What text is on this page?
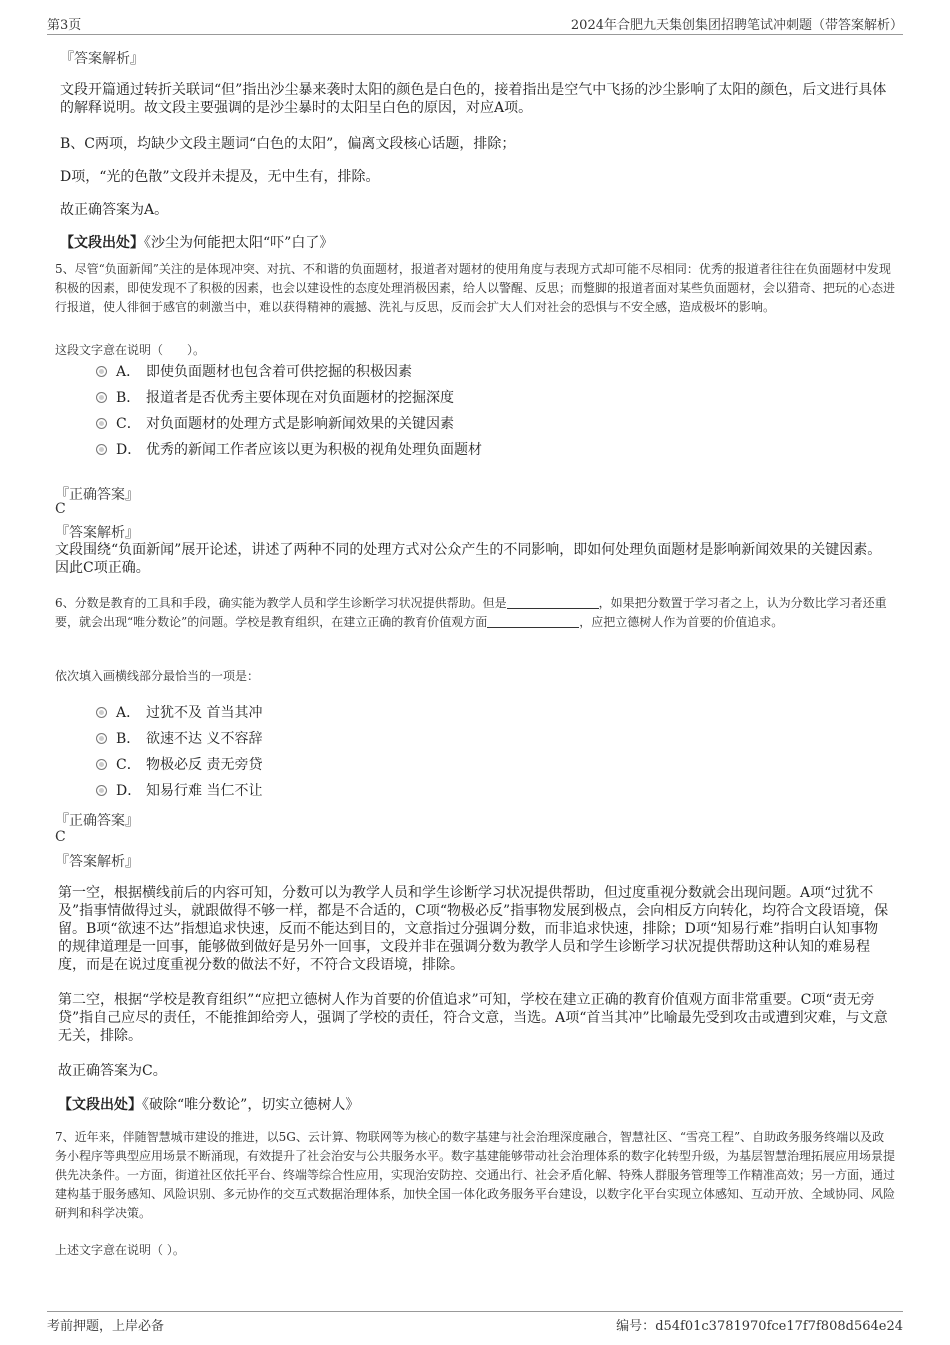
第3页	2024年合肥九天集创集团招聘笔试冲刺题（带答案解析）
『答案解析』

文段开篇通过转折关联词“但”指出沙尘暴来袭时太阳的颜色是白色的，接着指出是空气中飞扬的沙尘影响了太阳的颜色，后文进行具体的解释说明。故文段主要强调的是沙尘暴时的太阳呈白色的原因，对应A项。

B、C两项，均缺少文段主题词“白色的太阳”，偏离文段核心话题，排除；

D项，“光的色散”文段并未提及，无中生有，排除。

故正确答案为A。

【文段出处】《沙尘为何能把太阳“吓”白了》

5、尽管“负面新闻”关注的是体现冲突、对抗、不和谐的负面题材，报道者对题材的使用角度与表现方式却可能不尽相同：优秀的报道者往往在负面题材中发现积极的因素，即使发现不了积极的因素，也会以建设性的态度处理消极因素，给人以警醒、反思；而蹩脚的报道者面对某些负面题材，会以猎奇、把玩的心态进行报道，使人徘徊于感官的刺激当中，难以获得精神的震撼、洗礼与反思，反而会扩大人们对社会的恐惧与不安全感，造成极坏的影响。

这段文字意在说明（　　）。

A． 即使负面题材也包含着可供挖掘的积极因素
B． 报道者是否优秀主要体现在对负面题材的挖掘深度
C． 对负面题材的处理方式是影响新闻效果的关键因素
D． 优秀的新闻工作者应该以更为积极的视角处理负面题材
『正确答案』
C
『答案解析』

文段围绕“负面新闻”展开论述，讲述了两种不同的处理方式对公众产生的不同影响，即如何处理负面题材是影响新闻效果的关键因素。因此C项正确。

6、分数是教育的工具和手段，确实能为教学人员和学生诊断学习状况提供帮助。但是	，如果把分数置于学习者之上，认为分数比学习者还重要，就会出现“唯分数论”的问题。学校是教育组织，在建立正确的教育价值观方面	，应把立德树人作为首要的价值追求。

依次填入画横线部分最恰当的一项是：

A． 过犹不及 首当其冲
B． 欲速不达 义不容辞
C． 物极必反 责无旁贷
D． 知易行难 当仁不让
『正确答案』
C
『答案解析』

第一空，根据横线前后的内容可知，分数可以为教学人员和学生诊断学习状况提供帮助，但过度重视分数就会出现问题。A项“过犹不及”指事情做得过头，就跟做得不够一样，都是不合适的，C项“物极必反”指事物发展到极点，会向相反方向转化，均符合文段语境，保留。B项“欲速不达”指想追求快速，反而不能达到目的，文意指过分强调分数，而非追求快速，排除；D项“知易行难”指明白认知事物的规律道理是一回事，能够做到做好是另外一回事，文段并非在强调分数为教学人员和学生诊断学习状况提供帮助这种认知的难易程度，而是在说过度重视分数的做法不好，不符合文段语境，排除。

第二空，根据“学校是教育组织”“应把立德树人作为首要的价值追求”可知，学校在建立正确的教育价值观方面非常重要。C项“责无旁贷”指自己应尽的责任，不能推卸给旁人，强调了学校的责任，符合文意，当选。A项“首当其冲”比喻最先受到攻击或遭到灾难，与文意无关，排除。

故正确答案为C。

【文段出处】《破除“唯分数论”，切实立德树人》

7、近年来，伴随智慧城市建设的推进，以5G、云计算、物联网等为核心的数字基建与社会治理深度融合，智慧社区、“雪亮工程”、自助政务服务终端以及政务小程序等典型应用场景不断涌现，有效提升了社会治安与公共服务水平。数字基建能够带动社会治理体系的数字化转型升级，为基层智慧治理拓展应用场景提供先决条件。一方面，街道社区依托平台、终端等综合性应用，实现治安防控、交通出行、社会矛盾化解、特殊人群服务管理等工作精准高效；另一方面，通过建构基于服务感知、风险识别、多元协作的交互式数据治理体系，加快全国一体化政务服务平台建设，以数字化平台实现立体感知、互动开放、全域协同、风险研判和科学决策。

上述文字意在说明（ ）。

考前押题，上岸必备	编号：d54f01c3781970fce17f7f808d564e24
